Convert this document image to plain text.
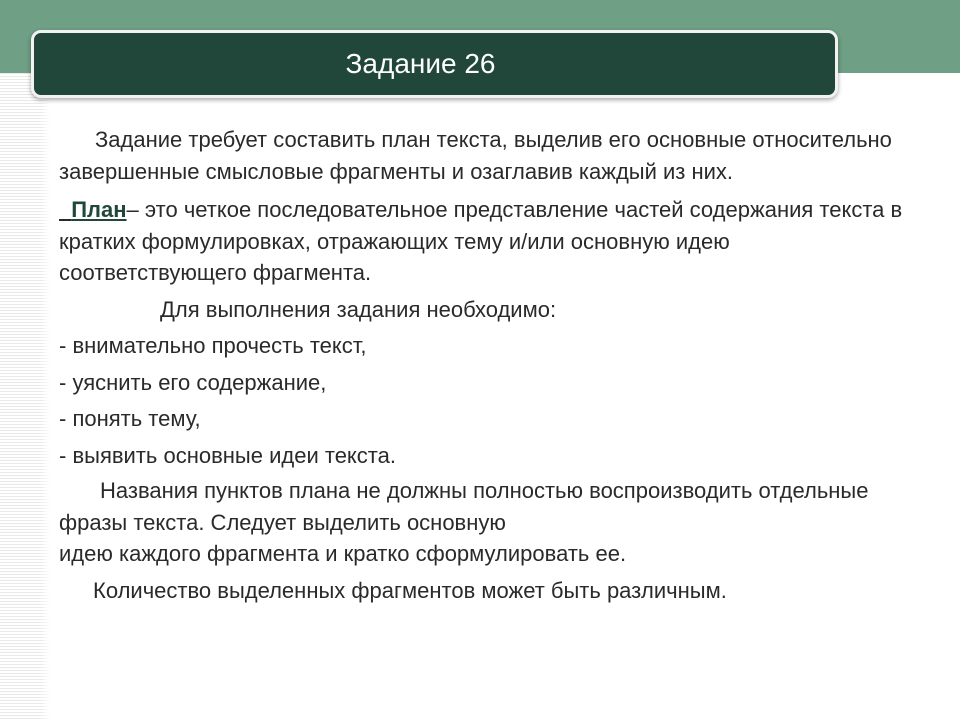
Задание 26

Задание требует составить план текста, выделив его основные относительно завершенные смысловые фрагменты и озаглавив каждый из них.

План– это четкое последовательное представление частей содержания текста в кратких формулировках, отражающих тему и/или основную идею соответствующего фрагмента.

Для выполнения задания необходимо:

- внимательно прочесть текст,

- уяснить его содержание,

- понять тему,

- выявить основные идеи текста.

Названия пунктов плана не должны полностью воспроизводить отдельные фразы текста. Следует выделить основную
идею каждого фрагмента и кратко сформулировать ее.

Количество выделенных фрагментов может быть различным.
